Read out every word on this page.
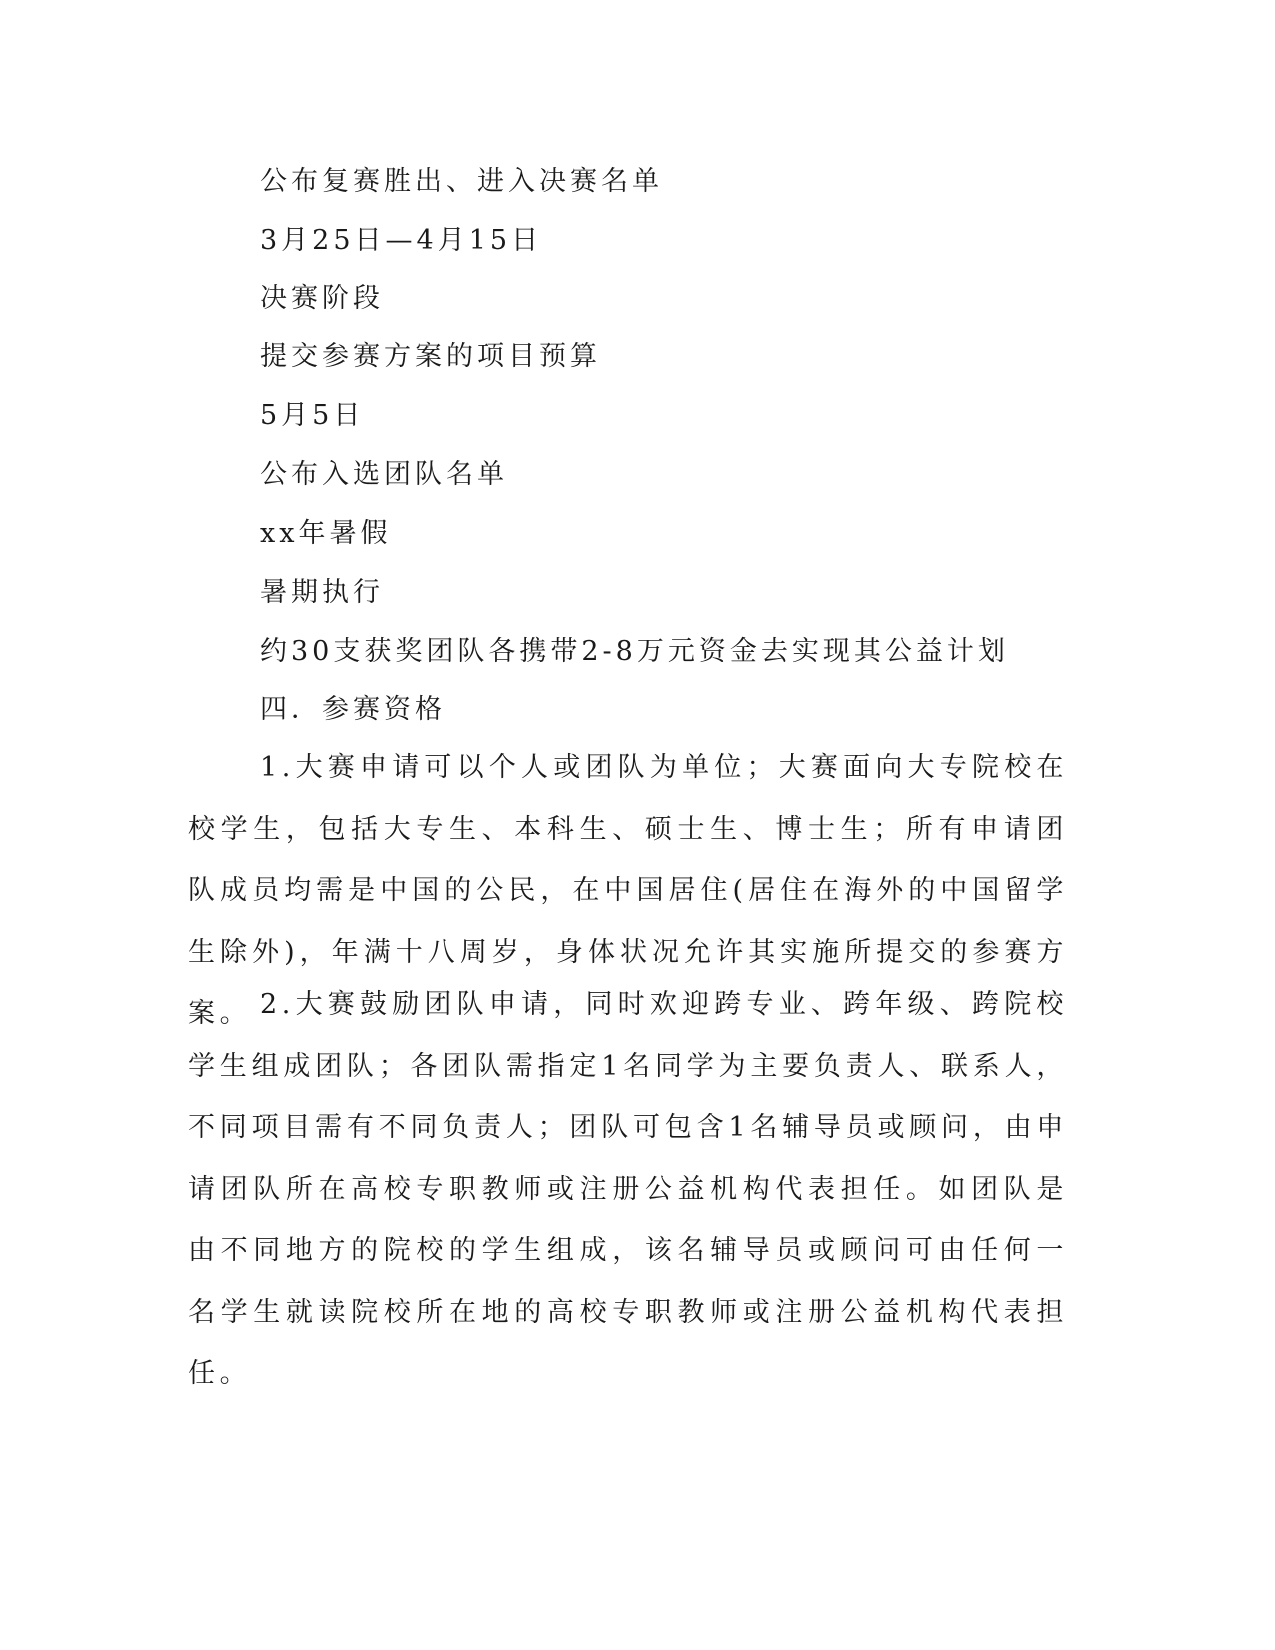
公布复赛胜出、进入决赛名单
3月25日—4月15日
决赛阶段
提交参赛方案的项目预算
5月5日
公布入选团队名单
xx年暑假
暑期执行
约30支获奖团队各携带2-8万元资金去实现其公益计划
四．参赛资格

1.大赛申请可以个人或团队为单位；大赛面向大专院校在校学生，包括大专生、本科生、硕士生、博士生；所有申请团队成员均需是中国的公民，在中国居住(居住在海外的中国留学生除外)，年满十八周岁，身体状况允许其实施所提交的参赛方案。 2.大赛鼓励团队申请，同时欢迎跨专业、跨年级、跨院校学生组成团队；各团队需指定1名同学为主要负责人、联系人，不同项目需有不同负责人；团队可包含1名辅导员或顾问，由申请团队所在高校专职教师或注册公益机构代表担任。如团队是由不同地方的院校的学生组成，该名辅导员或顾问可由任何一名学生就读院校所在地的高校专职教师或注册公益机构代表担任。
